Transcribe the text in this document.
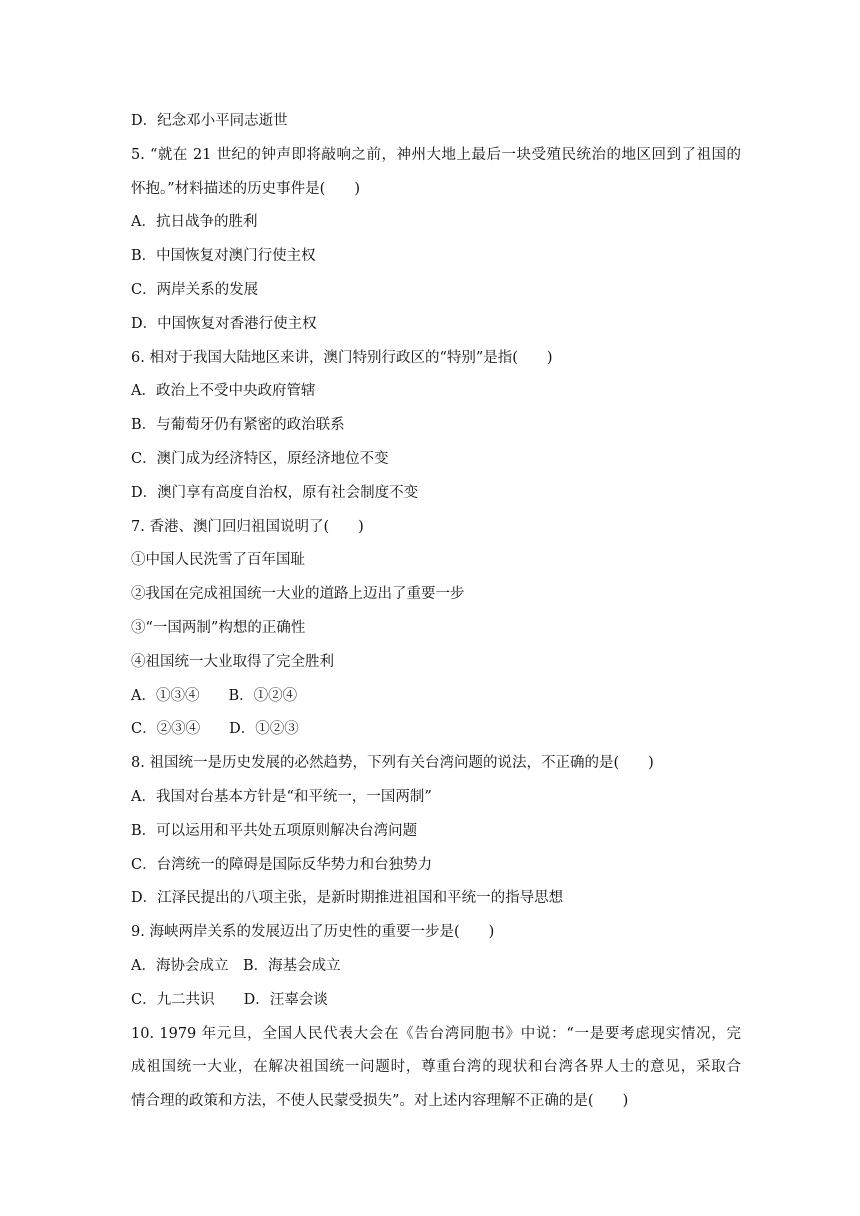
D．纪念邓小平同志逝世
5. “就在 21 世纪的钟声即将敲响之前，神州大地上最后一块受殖民统治的地区回到了祖国的
怀抱。”材料描述的历史事件是(　　)
A．抗日战争的胜利
B．中国恢复对澳门行使主权
C．两岸关系的发展
D．中国恢复对香港行使主权
6. 相对于我国大陆地区来讲，澳门特别行政区的“特别”是指(　　)
A．政治上不受中央政府管辖
B．与葡萄牙仍有紧密的政治联系
C．澳门成为经济特区，原经济地位不变
D．澳门享有高度自治权，原有社会制度不变
7. 香港、澳门回归祖国说明了(　　)
①中国人民洗雪了百年国耻
②我国在完成祖国统一大业的道路上迈出了重要一步
③“一国两制”构想的正确性
④祖国统一大业取得了完全胜利
A．①③④　　B．①②④
C．②③④　　D．①②③
8. 祖国统一是历史发展的必然趋势，下列有关台湾问题的说法，不正确的是(　　)
A．我国对台基本方针是“和平统一，一国两制”
B．可以运用和平共处五项原则解决台湾问题
C．台湾统一的障碍是国际反华势力和台独势力
D．江泽民提出的八项主张，是新时期推进祖国和平统一的指导思想
9. 海峡两岸关系的发展迈出了历史性的重要一步是(　　)
A．海协会成立　B．海基会成立
C．九二共识　　D．汪辜会谈
10. 1979 年元旦，全国人民代表大会在《告台湾同胞书》中说：“一是要考虑现实情况，完
成祖国统一大业，在解决祖国统一问题时，尊重台湾的现状和台湾各界人士的意见，采取合
情合理的政策和方法，不使人民蒙受损失”。对上述内容理解不正确的是(　　)
